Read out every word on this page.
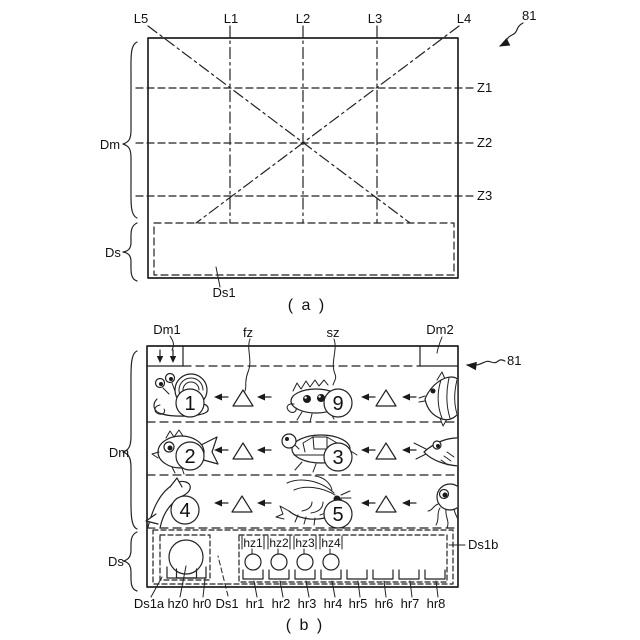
L5	L1	L2	L3	L4	81
Z1
Z2
Z3
Dm
Ds
Ds1
( a )
1	9
2	3
4	5
Dm1	fz	sz	Dm2
81
Dm
Ds
hz1 hz2 hz3 hz4	Ds1b
Ds1a hz0 hr0 Ds1 hr1 hr2 hr3 hr4 hr5 hr6 hr7 hr8
( b )
